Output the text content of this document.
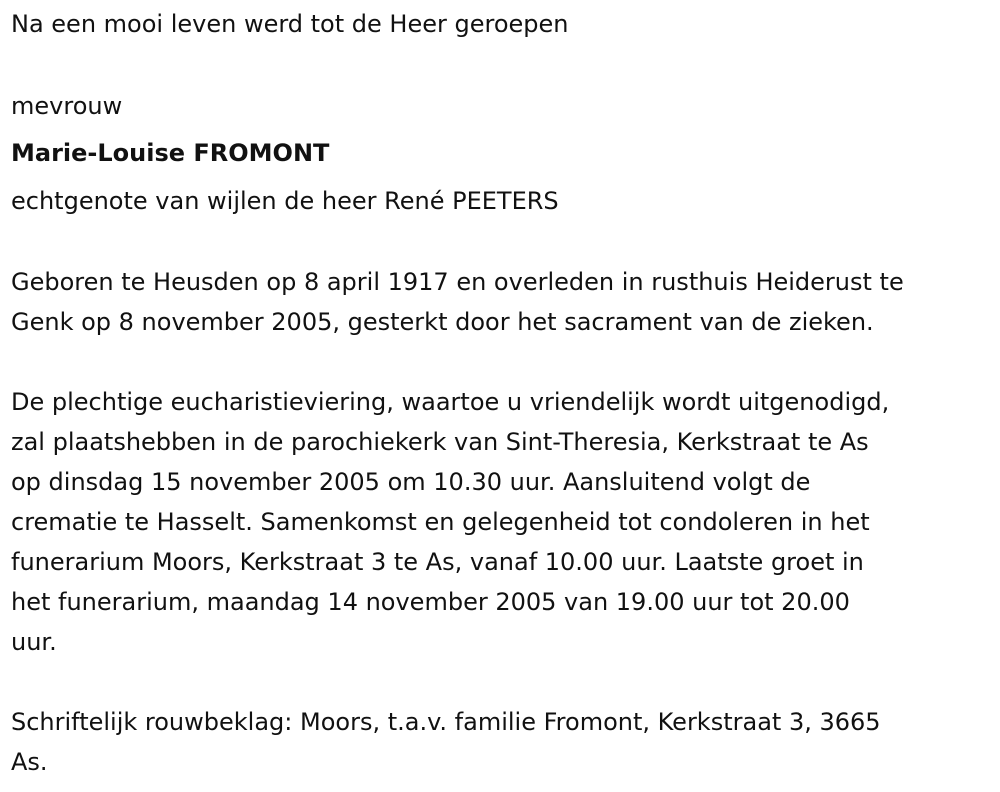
Na een mooi leven werd tot de Heer geroepen
mevrouw
Marie-Louise FROMONT
echtgenote van wijlen de heer René PEETERS
Geboren te Heusden op 8 april 1917 en overleden in rusthuis Heiderust te
Genk op 8 november 2005, gesterkt door het sacrament van de zieken.
De plechtige eucharistieviering, waartoe u vriendelijk wordt uitgenodigd,
zal plaatshebben in de parochiekerk van Sint-Theresia, Kerkstraat te As
op dinsdag 15 november 2005 om 10.30 uur. Aansluitend volgt de
crematie te Hasselt. Samenkomst en gelegenheid tot condoleren in het
funerarium Moors, Kerkstraat 3 te As, vanaf 10.00 uur. Laatste groet in
het funerarium, maandag 14 november 2005 van 19.00 uur tot 20.00
uur.
Schriftelijk rouwbeklag: Moors, t.a.v. familie Fromont, Kerkstraat 3, 3665
As.
